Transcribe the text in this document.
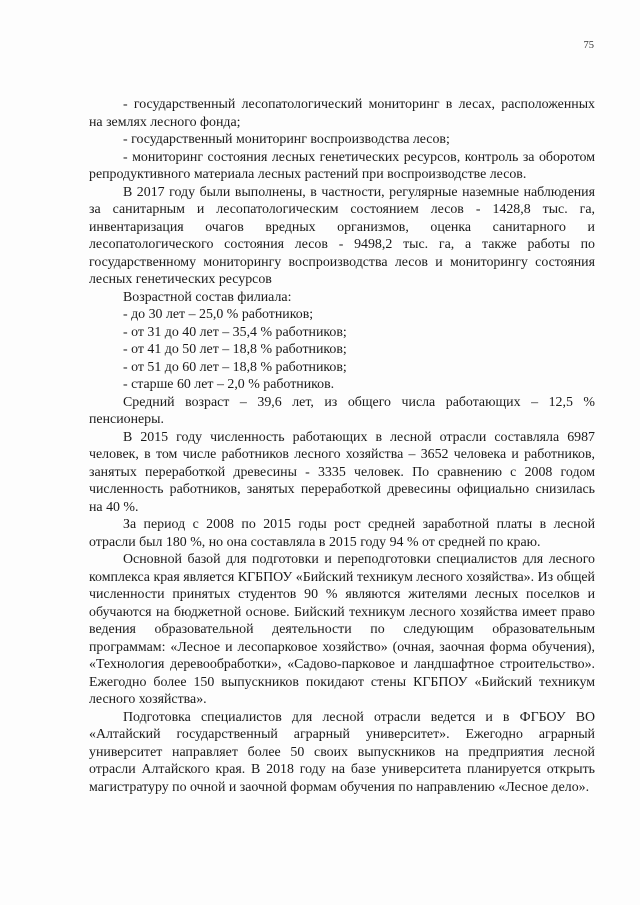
75

- государственный лесопатологический мониторинг в лесах, расположенных на землях лесного фонда;

- государственный мониторинг воспроизводства лесов;

- мониторинг состояния лесных генетических ресурсов, контроль за оборотом репродуктивного материала лесных растений при воспроизводстве лесов.

В 2017 году были выполнены, в частности, регулярные наземные наблюдения за санитарным и лесопатологическим состоянием лесов - 1428,8 тыс. га, инвентаризация очагов вредных организмов, оценка санитарного и лесопатологического состояния лесов - 9498,2 тыс. га, а также работы по государственному мониторингу воспроизводства лесов и мониторингу состояния лесных генетических ресурсов

Возрастной состав филиала:

- до 30 лет – 25,0 % работников;

- от 31 до 40 лет – 35,4 % работников;

- от 41 до 50 лет – 18,8 % работников;

- от 51 до 60 лет – 18,8 % работников;

- старше 60 лет – 2,0 % работников.

Средний возраст – 39,6 лет, из общего числа работающих – 12,5 % пенсионеры.

В 2015 году численность работающих в лесной отрасли составляла 6987 человек, в том числе работников лесного хозяйства – 3652 человека и работников, занятых переработкой древесины - 3335 человек. По сравнению с 2008 годом численность работников, занятых переработкой древесины официально снизилась на 40 %.

За период с 2008 по 2015 годы рост средней заработной платы в лесной отрасли был 180 %, но она составляла в 2015 году 94 % от средней по краю.

Основной базой для подготовки и переподготовки специалистов для лесного комплекса края является КГБПОУ «Бийский техникум лесного хозяйства». Из общей численности принятых студентов 90 % являются жителями лесных поселков и обучаются на бюджетной основе. Бийский техникум лесного хозяйства имеет право ведения образовательной деятельности по следующим образовательным программам: «Лесное и лесопарковое хозяйство» (очная, заочная форма обучения), «Технология деревообработки», «Садово-парковое и ландшафтное строительство». Ежегодно более 150 выпускников покидают стены КГБПОУ «Бийский техникум лесного хозяйства».

Подготовка специалистов для лесной отрасли ведется и в ФГБОУ ВО «Алтайский государственный аграрный университет». Ежегодно аграрный университет направляет более 50 своих выпускников на предприятия лесной отрасли Алтайского края. В 2018 году на базе университета планируется открыть магистратуру по очной и заочной формам обучения по направлению «Лесное дело».
